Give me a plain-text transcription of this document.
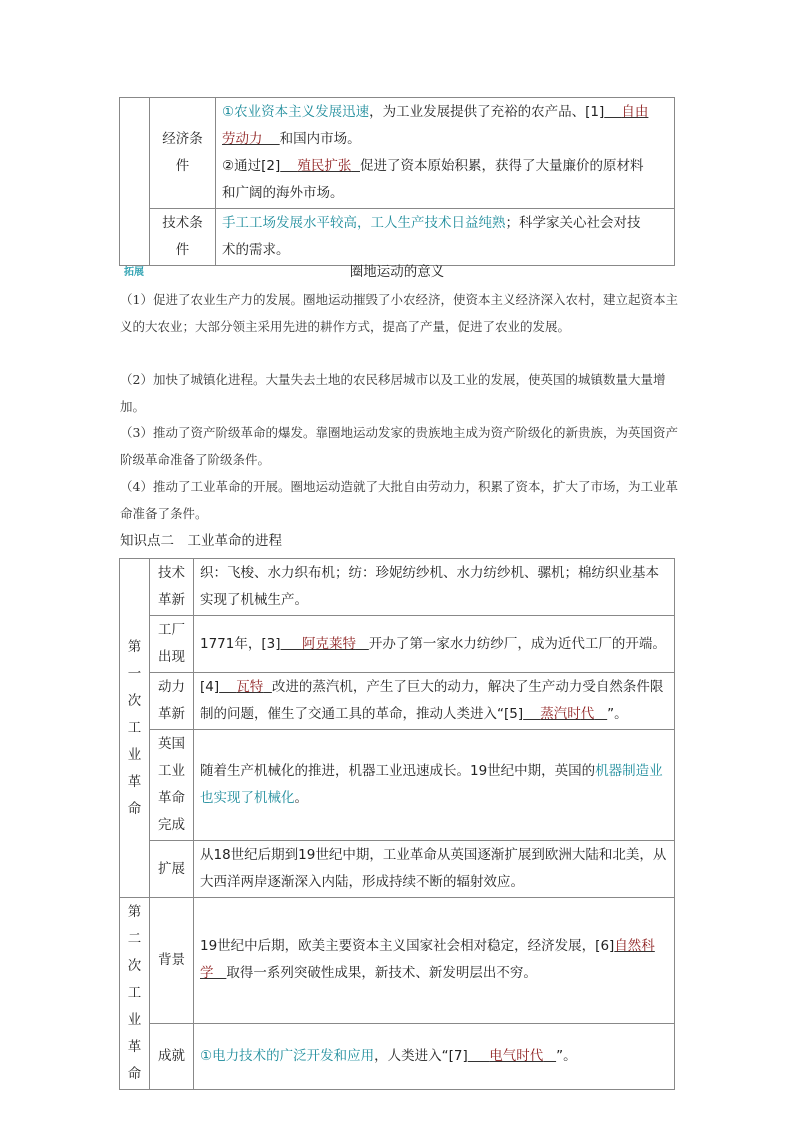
	经济条件	①农业资本主义发展迅速，为工业发展提供了充裕的农产品、[1] 自由
劳动力 和国内市场。
②通过[2] 殖民扩张 促进了资本原始积累，获得了大量廉价的原材料
和广阔的海外市场。
	技术条件	手工工场发展水平较高，工人生产技术日益纯熟；科学家关心社会对技
术的需求。
拓展	圈地运动的意义
（1）促进了农业生产力的发展。圈地运动摧毁了小农经济，使资本主义经济深入农村，建立起资本主义的大农业；大部分领主采用先进的耕作方式，提高了产量，促进了农业的发展。
（2）加快了城镇化进程。大量失去土地的农民移居城市以及工业的发展，使英国的城镇数量大量增加。
（3）推动了资产阶级革命的爆发。靠圈地运动发家的贵族地主成为资产阶级化的新贵族，为英国资产阶级革命准备了阶级条件。
（4）推动了工业革命的开展。圈地运动造就了大批自由劳动力，积累了资本，扩大了市场，为工业革命准备了条件。
知识点二　工业革命的进程
第一次工业革命	技术革新	织：飞梭、水力织布机；纺：珍妮纺纱机、水力纺纱机、骡机；棉纺织业基本实现了机械生产。
	工厂出现	1771年，[3] 阿克莱特 开办了第一家水力纺纱厂，成为近代工厂的开端。
	动力革新	[4] 瓦特 改进的蒸汽机，产生了巨大的动力，解决了生产动力受自然条件限制的问题，催生了交通工具的革命，推动人类进入“[5] 蒸汽时代 ”。
	英国工业革命完成	随着生产机械化的推进，机器工业迅速成长。19世纪中期，英国的机器制造业也实现了机械化。
	扩展	从18世纪后期到19世纪中期，工业革命从英国逐渐扩展到欧洲大陆和北美，从大西洋两岸逐渐深入内陆，形成持续不断的辐射效应。
第二次工业革命	背景	19世纪中后期，欧美主要资本主义国家社会相对稳定，经济发展，[6]自然科学 取得一系列突破性成果，新技术、新发明层出不穷。
	成就	①电力技术的广泛开发和应用，人类进入“[7] 电气时代 ”。
